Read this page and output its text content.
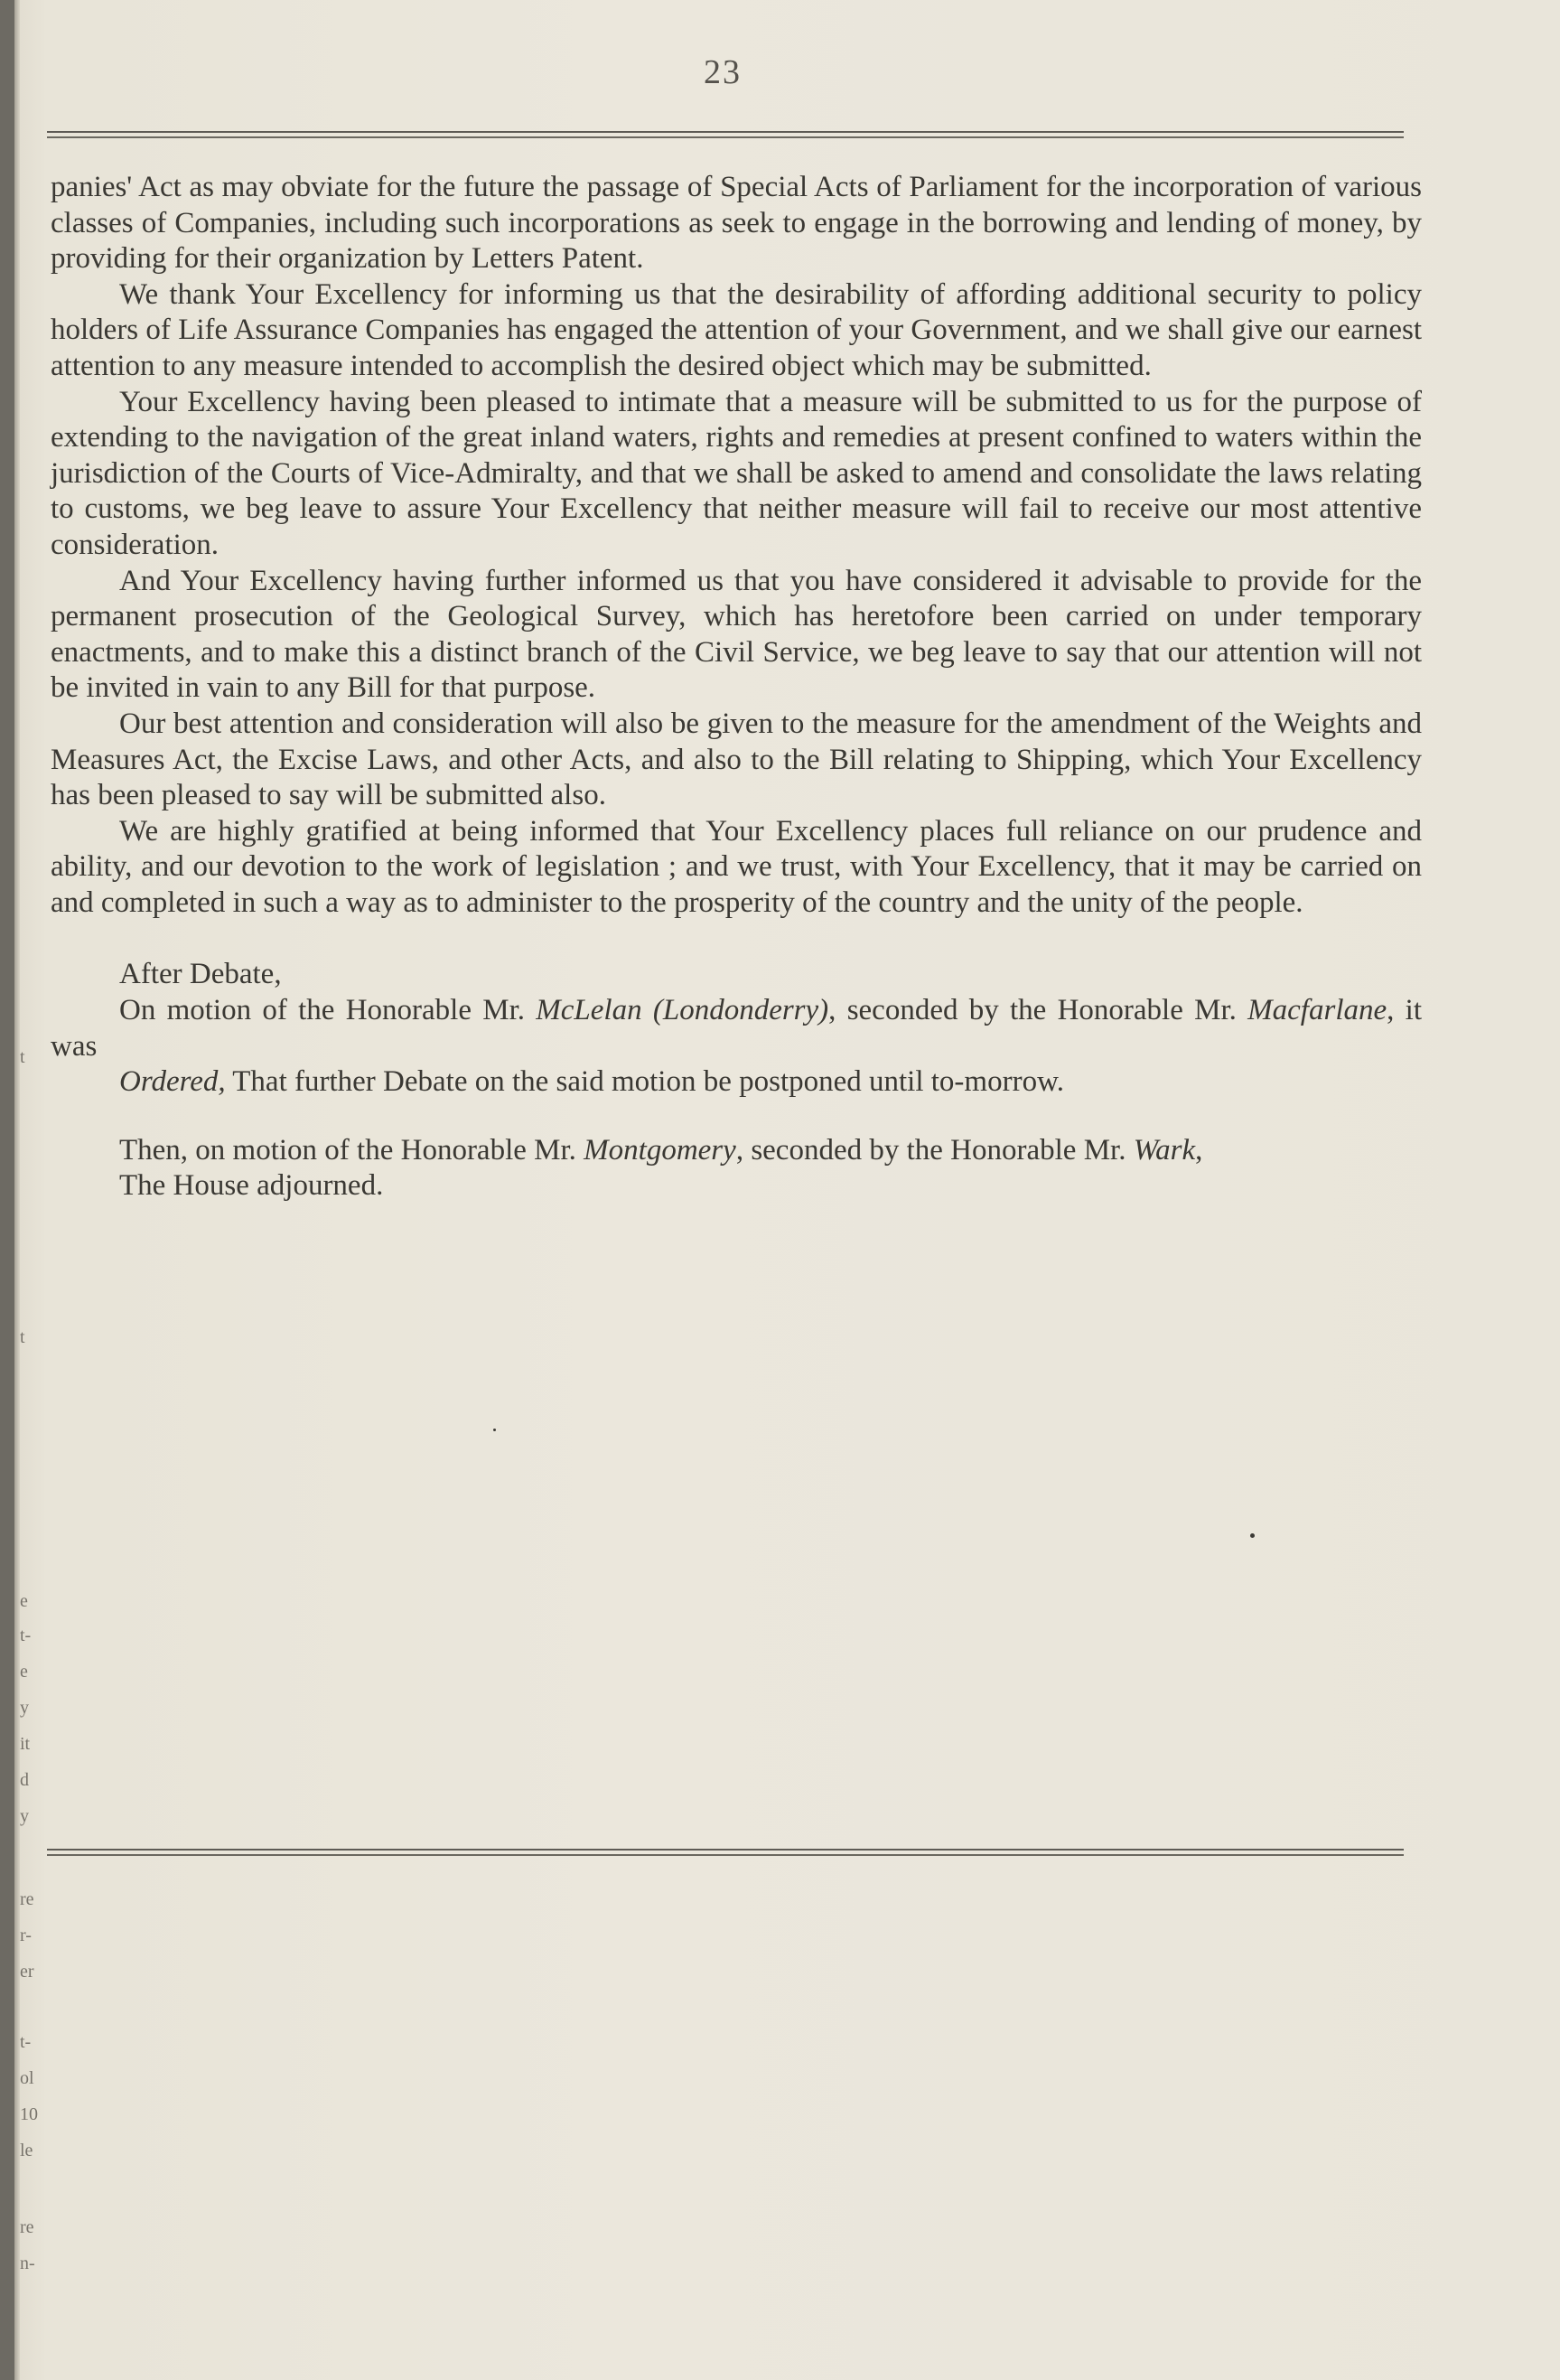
t
t
e
t-
e
y
it
d
y
re
r-
er
t-
ol
10
le
re
n-
23

panies' Act as may obviate for the future the passage of Special Acts of Parliament for the incorporation of various classes of Companies, including such incorporations as seek to engage in the borrowing and lending of money, by providing for their organization by Letters Patent.

We thank Your Excellency for informing us that the desirability of affording additional security to policy holders of Life Assurance Companies has engaged the attention of your Government, and we shall give our earnest attention to any measure intended to accomplish the desired object which may be submitted.

Your Excellency having been pleased to intimate that a measure will be submitted to us for the purpose of extending to the navigation of the great inland waters, rights and remedies at present confined to waters within the jurisdiction of the Courts of Vice-Admiralty, and that we shall be asked to amend and consolidate the laws relating to customs, we beg leave to assure Your Excellency that neither measure will fail to receive our most attentive consideration.

And Your Excellency having further informed us that you have considered it advisable to provide for the permanent prosecution of the Geological Survey, which has heretofore been carried on under temporary enactments, and to make this a distinct branch of the Civil Service, we beg leave to say that our attention will not be invited in vain to any Bill for that purpose.

Our best attention and consideration will also be given to the measure for the amendment of the Weights and Measures Act, the Excise Laws, and other Acts, and also to the Bill relating to Shipping, which Your Excellency has been pleased to say will be submitted also.

We are highly gratified at being informed that Your Excellency places full reliance on our prudence and ability, and our devotion to the work of legislation ; and we trust, with Your Excellency, that it may be carried on and completed in such a way as to administer to the prosperity of the country and the unity of the people.

After Debate,

On motion of the Honorable Mr. McLelan (Londonderry), seconded by the Honorable Mr. Macfarlane, it was

Ordered, That further Debate on the said motion be postponed until to-morrow.

Then, on motion of the Honorable Mr. Montgomery, seconded by the Honorable Mr. Wark,

The House adjourned.
